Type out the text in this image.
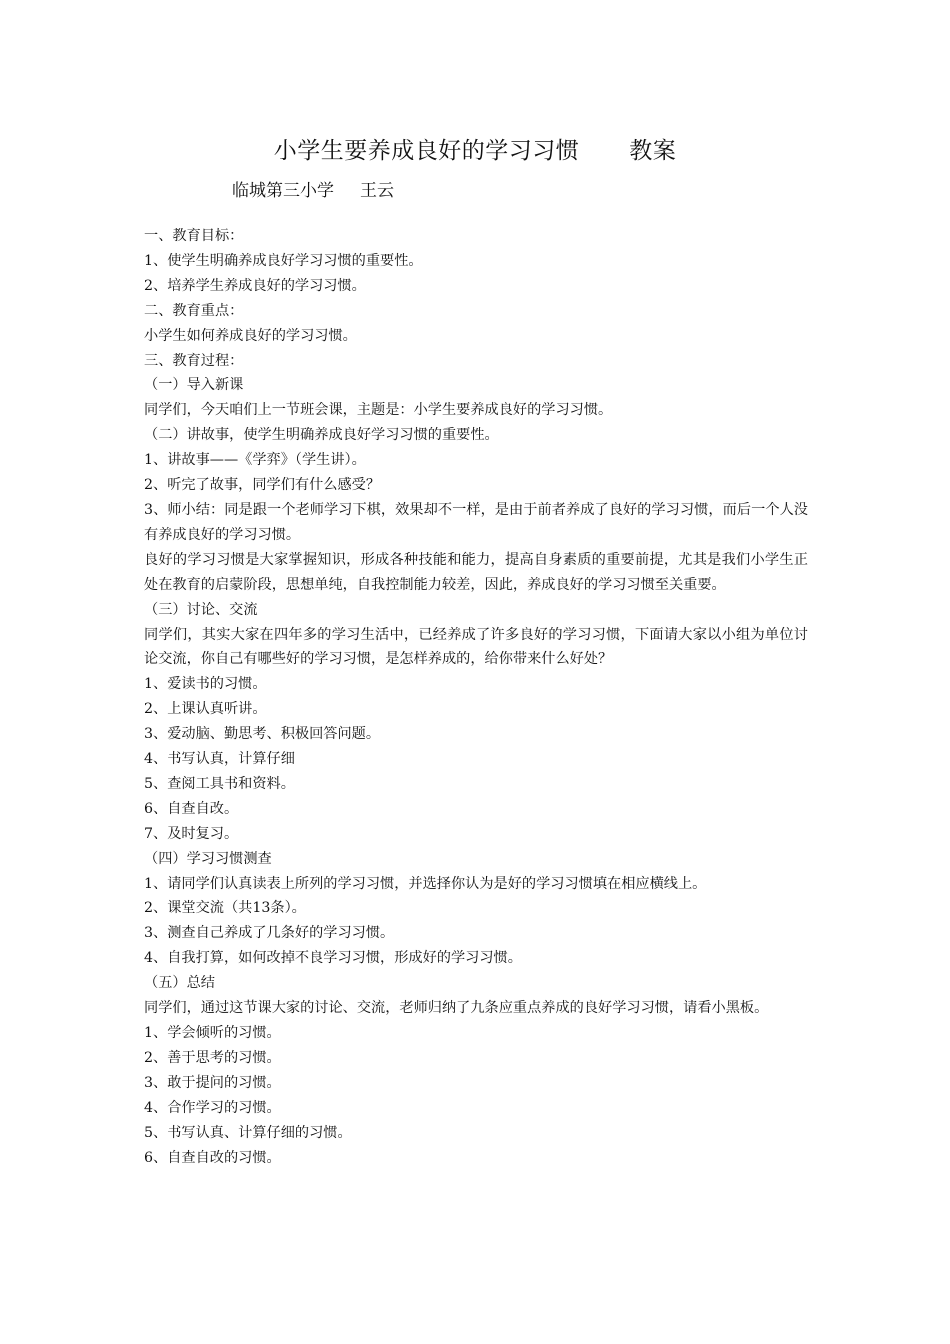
小学生要养成良好的学习习惯 教案

临城第三小学 王云

一、教育目标：

1、使学生明确养成良好学习习惯的重要性。

2、培养学生养成良好的学习习惯。

二、教育重点：

小学生如何养成良好的学习习惯。

三、教育过程：

（一）导入新课

同学们，今天咱们上一节班会课，主题是：小学生要养成良好的学习习惯。

（二）讲故事，使学生明确养成良好学习习惯的重要性。

1、讲故事——《学弈》（学生讲）。

2、听完了故事，同学们有什么感受？

3、师小结：同是跟一个老师学习下棋，效果却不一样，是由于前者养成了良好的学习习惯，而后一个人没有养成良好的学习习惯。

良好的学习习惯是大家掌握知识，形成各种技能和能力，提高自身素质的重要前提，尤其是我们小学生正处在教育的启蒙阶段，思想单纯，自我控制能力较差，因此，养成良好的学习习惯至关重要。

（三）讨论、交流

同学们，其实大家在四年多的学习生活中，已经养成了许多良好的学习习惯，下面请大家以小组为单位讨论交流，你自己有哪些好的学习习惯，是怎样养成的，给你带来什么好处？

1、爱读书的习惯。

2、上课认真听讲。

3、爱动脑、勤思考、积极回答问题。

4、书写认真，计算仔细

5、查阅工具书和资料。

6、自查自改。

7、及时复习。

（四）学习习惯测查

1、请同学们认真读表上所列的学习习惯，并选择你认为是好的学习习惯填在相应横线上。

2、课堂交流（共13条）。

3、测查自己养成了几条好的学习习惯。

4、自我打算，如何改掉不良学习习惯，形成好的学习习惯。

（五）总结

同学们，通过这节课大家的讨论、交流，老师归纳了九条应重点养成的良好学习习惯，请看小黑板。

1、学会倾听的习惯。

2、善于思考的习惯。

3、敢于提问的习惯。

4、合作学习的习惯。

5、书写认真、计算仔细的习惯。

6、自查自改的习惯。
